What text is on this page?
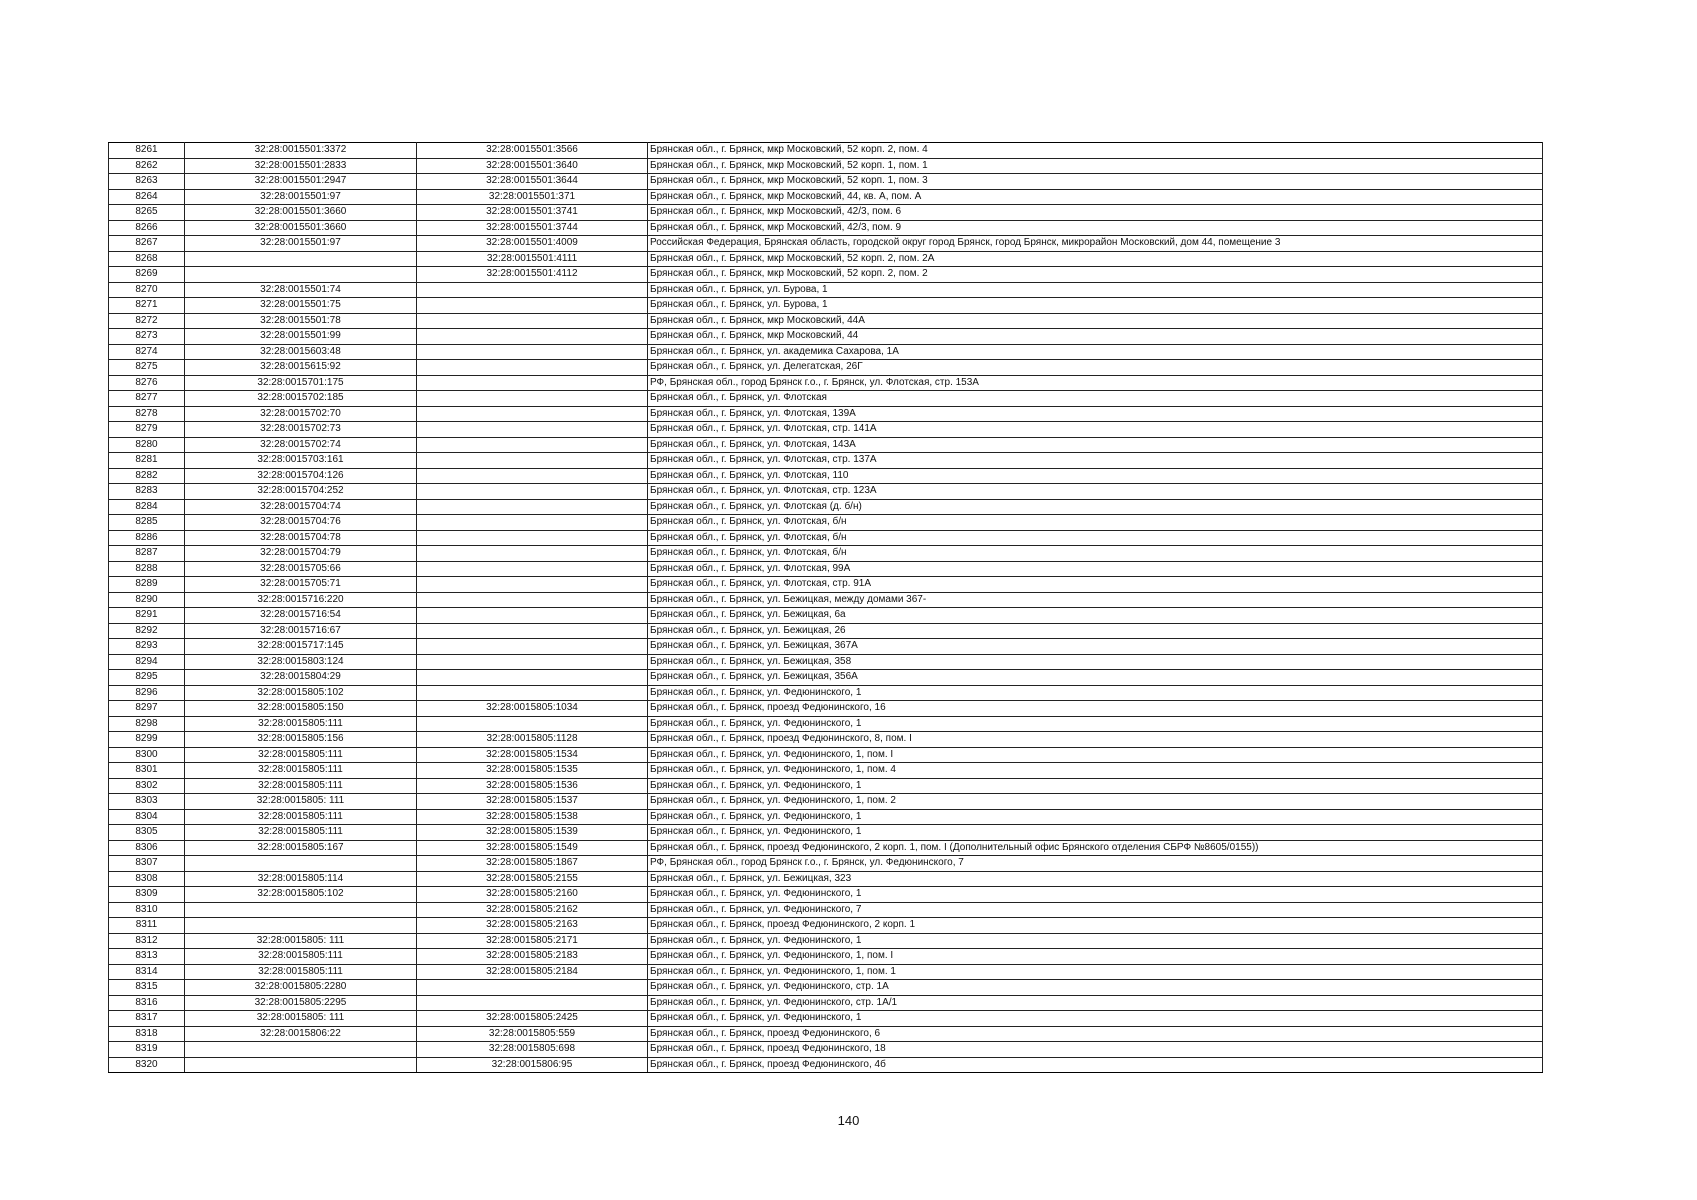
8261	32:28:0015501:3372	32:28:0015501:3566	Брянская обл., г. Брянск, мкр Московский, 52 корп. 2, пом. 4
8262	32:28:0015501:2833	32:28:0015501:3640	Брянская обл., г. Брянск, мкр Московский, 52 корп. 1, пом. 1
8263	32:28:0015501:2947	32:28:0015501:3644	Брянская обл., г. Брянск, мкр Московский, 52 корп. 1, пом. 3
8264	32:28:0015501:97	32:28:0015501:371	Брянская обл., г. Брянск, мкр Московский, 44, кв. А, пом. А
8265	32:28:0015501:3660	32:28:0015501:3741	Брянская обл., г. Брянск, мкр Московский, 42/3, пом. 6
8266	32:28:0015501:3660	32:28:0015501:3744	Брянская обл., г. Брянск, мкр Московский, 42/3, пом. 9
8267	32:28:0015501:97	32:28:0015501:4009	Российская Федерация, Брянская область, городской округ город Брянск, город Брянск, микрорайон Московский, дом 44, помещение 3
8268		32:28:0015501:4111	Брянская обл., г. Брянск, мкр Московский, 52 корп. 2, пом. 2А
8269		32:28:0015501:4112	Брянская обл., г. Брянск, мкр Московский, 52 корп. 2, пом. 2
8270	32:28:0015501:74		Брянская обл., г. Брянск, ул. Бурова, 1
8271	32:28:0015501:75		Брянская обл., г. Брянск, ул. Бурова, 1
8272	32:28:0015501:78		Брянская обл., г. Брянск, мкр Московский, 44А
8273	32:28:0015501:99		Брянская обл., г. Брянск, мкр Московский, 44
8274	32:28:0015603:48		Брянская обл., г. Брянск, ул. академика Сахарова, 1А
8275	32:28:0015615:92		Брянская обл., г. Брянск, ул. Делегатская, 26Г
8276	32:28:0015701:175		РФ, Брянская обл., город Брянск г.о., г. Брянск, ул. Флотская, стр. 153А
8277	32:28:0015702:185		Брянская обл., г. Брянск, ул. Флотская
8278	32:28:0015702:70		Брянская обл., г. Брянск, ул. Флотская, 139А
8279	32:28:0015702:73		Брянская обл., г. Брянск, ул. Флотская, стр. 141А
8280	32:28:0015702:74		Брянская обл., г. Брянск, ул. Флотская, 143А
8281	32:28:0015703:161		Брянская обл., г. Брянск, ул. Флотская, стр. 137А
8282	32:28:0015704:126		Брянская обл., г. Брянск, ул. Флотская, 110
8283	32:28:0015704:252		Брянская обл., г. Брянск, ул. Флотская, стр. 123А
8284	32:28:0015704:74		Брянская обл., г. Брянск, ул. Флотская (д. б/н)
8285	32:28:0015704:76		Брянская обл., г. Брянск, ул. Флотская, б/н
8286	32:28:0015704:78		Брянская обл., г. Брянск, ул. Флотская, б/н
8287	32:28:0015704:79		Брянская обл., г. Брянск, ул. Флотская, б/н
8288	32:28:0015705:66		Брянская обл., г. Брянск, ул. Флотская, 99А
8289	32:28:0015705:71		Брянская обл., г. Брянск, ул. Флотская, стр. 91А
8290	32:28:0015716:220		Брянская обл., г. Брянск, ул. Бежицкая, между домами 367-
8291	32:28:0015716:54		Брянская обл., г. Брянск, ул. Бежицкая, 6а
8292	32:28:0015716:67		Брянская обл., г. Брянск, ул. Бежицкая, 26
8293	32:28:0015717:145		Брянская обл., г. Брянск, ул. Бежицкая, 367А
8294	32:28:0015803:124		Брянская обл., г. Брянск, ул. Бежицкая, 358
8295	32:28:0015804:29		Брянская обл., г. Брянск, ул. Бежицкая, 356А
8296	32:28:0015805:102		Брянская обл., г. Брянск, ул. Федюнинского, 1
8297	32:28:0015805:150	32:28:0015805:1034	Брянская обл., г. Брянск, проезд Федюнинского, 16
8298	32:28:0015805:111		Брянская обл., г. Брянск, ул. Федюнинского, 1
8299	32:28:0015805:156	32:28:0015805:1128	Брянская обл., г. Брянск, проезд Федюнинского, 8, пом. I
8300	32:28:0015805:111	32:28:0015805:1534	Брянская обл., г. Брянск, ул. Федюнинского, 1, пом. I
8301	32:28:0015805:111	32:28:0015805:1535	Брянская обл., г. Брянск, ул. Федюнинского, 1, пом. 4
8302	32:28:0015805:111	32:28:0015805:1536	Брянская обл., г. Брянск, ул. Федюнинского, 1
8303	32:28:0015805: 111	32:28:0015805:1537	Брянская обл., г. Брянск, ул. Федюнинского, 1, пом. 2
8304	32:28:0015805:111	32:28:0015805:1538	Брянская обл., г. Брянск, ул. Федюнинского, 1
8305	32:28:0015805:111	32:28:0015805:1539	Брянская обл., г. Брянск, ул. Федюнинского, 1
8306	32:28:0015805:167	32:28:0015805:1549	Брянская обл., г. Брянск, проезд Федюнинского, 2 корп. 1, пом. I (Дополнительный офис Брянского отделения СБРФ №8605/0155))
8307		32:28:0015805:1867	РФ, Брянская обл., город Брянск г.о., г. Брянск, ул. Федюнинского, 7
8308	32:28:0015805:114	32:28:0015805:2155	Брянская обл., г. Брянск, ул. Бежицкая, 323
8309	32:28:0015805:102	32:28:0015805:2160	Брянская обл., г. Брянск, ул. Федюнинского, 1
8310		32:28:0015805:2162	Брянская обл., г. Брянск, ул. Федюнинского, 7
8311		32:28:0015805:2163	Брянская обл., г. Брянск, проезд Федюнинского, 2 корп. 1
8312	32:28:0015805: 111	32:28:0015805:2171	Брянская обл., г. Брянск, ул. Федюнинского, 1
8313	32:28:0015805:111	32:28:0015805:2183	Брянская обл., г. Брянск, ул. Федюнинского, 1, пом. I
8314	32:28:0015805:111	32:28:0015805:2184	Брянская обл., г. Брянск, ул. Федюнинского, 1, пом. 1
8315	32:28:0015805:2280		Брянская обл., г. Брянск, ул. Федюнинского, стр. 1А
8316	32:28:0015805:2295		Брянская обл., г. Брянск, ул. Федюнинского, стр. 1А/1
8317	32:28:0015805: 111	32:28:0015805:2425	Брянская обл., г. Брянск, ул. Федюнинского, 1
8318	32:28:0015806:22	32:28:0015805:559	Брянская обл., г. Брянск, проезд Федюнинского, 6
8319		32:28:0015805:698	Брянская обл., г. Брянск, проезд Федюнинского, 18
8320		32:28:0015806:95	Брянская обл., г. Брянск, проезд Федюнинского, 4б
140
